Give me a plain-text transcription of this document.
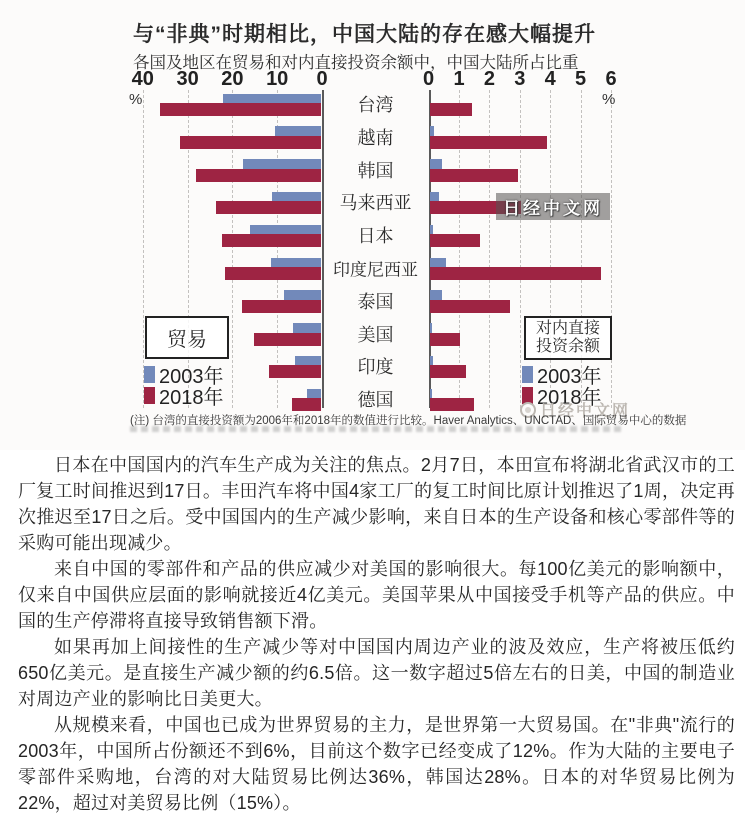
与“非典”时期相比，中国大陆的存在感大幅提升
各国及地区在贸易和对内直接投资余额中，中国大陆所占比重
40 30 20 10 0	0 1 2 3 4 5 6
%	%
台湾
越南
韩国
马来西亚
日本
印度尼西亚
泰国
美国
印度
德国
贸易
2003年
2018年
对内直接
投资余额
2003年
2018年
日经中文网
日经中文网
(注) 台湾的直接投资额为2006年和2018年的数值进行比较。Haver Analytics、UNCTAD、国际贸易中心的数据

日本在中国国内的汽车生产成为关注的焦点。2月7日，本田宣布将湖北省武汉市的工厂复工时间推迟到17日。丰田汽车将中国4家工厂的复工时间比原计划推迟了1周，决定再次推迟至17日之后。受中国国内的生产减少影响，来自日本的生产设备和核心零部件等的采购可能出现减少。

来自中国的零部件和产品的供应减少对美国的影响很大。每100亿美元的影响额中，仅来自中国供应层面的影响就接近4亿美元。美国苹果从中国接受手机等产品的供应。中国的生产停滞将直接导致销售额下滑。

如果再加上间接性的生产减少等对中国国内周边产业的波及效应，生产将被压低约650亿美元。是直接生产减少额的约6.5倍。这一数字超过5倍左右的日美，中国的制造业对周边产业的影响比日美更大。

从规模来看，中国也已成为世界贸易的主力，是世界第一大贸易国。在"非典"流行的2003年，中国所占份额还不到6%，目前这个数字已经变成了12%。作为大陆的主要电子零部件采购地，台湾的对大陆贸易比例达36%，韩国达28%。日本的对华贸易比例为22%，超过对美贸易比例（15%）。
